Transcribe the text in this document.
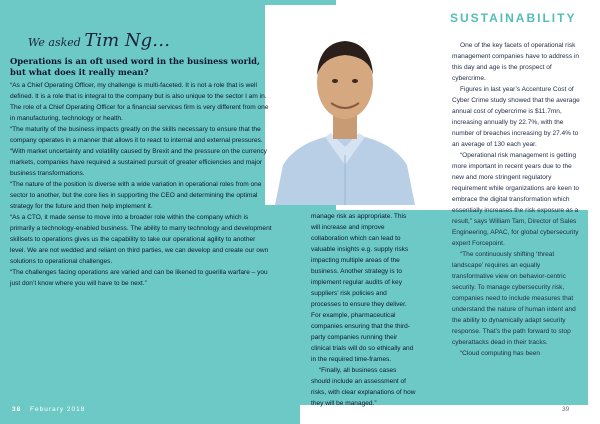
We asked Tim Ng…
Operations is an oft used word in the business world, but what does it really mean?

“As a Chief Operating Officer, my challenge is multi-faceted. It is not a role that is well defined. It is a role that is integral to the company but is also unique to the sector I am in. The role of a Chief Operating Officer for a financial services firm is very different from one in manufacturing, technology or health.

“The maturity of the business impacts greatly on the skills necessary to ensure that the company operates in a manner that allows it to react to internal and external pressures.

“With market uncertainty and volatility caused by Brexit and the pressure on the currency markets, companies have required a sustained pursuit of greater efficiencies and major business transformations.

“The nature of the position is diverse with a wide variation in operational roles from one sector to another, but the core lies in supporting the CEO and determining the optimal strategy for the future and then help implement it.

“As a CTO, it made sense to move into a broader role within the company which is primarily a technology-enabled business. The ability to marry technology and development skillsets to operations gives us the capability to take our operational agility to another level. We are not wedded and reliant on third parties, we can develop and create our own solutions to operational challenges.

“The challenges facing operations are varied and can be likened to guerilla warfare – you just don’t know where you will have to be next.”

manage risk as appropriate. This will increase and improve collaboration which can lead to valuable insights e.g. supply risks impacting multiple areas of the business. Another strategy is to implement regular audits of key suppliers’ risk policies and processes to ensure they deliver. For example, pharmaceutical companies ensuring that the third-party companies running their clinical trials will do so ethically and in the required time-frames.

“Finally, all business cases should include an assessment of risks, with clear explanations of how they will be managed.”

SUSTAINABILITY

One of the key facets of operational risk management companies have to address in this day and age is the prospect of cybercrime.

Figures in last year’s Accenture Cost of Cyber Crime study showed that the average annual cost of cybercrime is $11.7mn, increasing annually by 22.7%, with the number of breaches increasing by 27.4% to an average of 130 each year.

“Operational risk management is getting more important in recent years due to the new and more stringent regulatory requirement while organizations are keen to embrace the digital transformation which essentially increases the risk exposure as a result,” says William Tam, Director of Sales Engineering, APAC, for global cybersecurity expert Forcepoint.

“The continuously shifting ‘threat landscape’ requires an equally transformative view on behavior-centric security. To manage cybersecurity risk, companies need to include measures that understand the nature of human intent and the ability to dynamically adapt security response. That’s the path forward to stop cyberattacks dead in their tracks.

“Cloud computing has been

38 Feburary 2018	39
